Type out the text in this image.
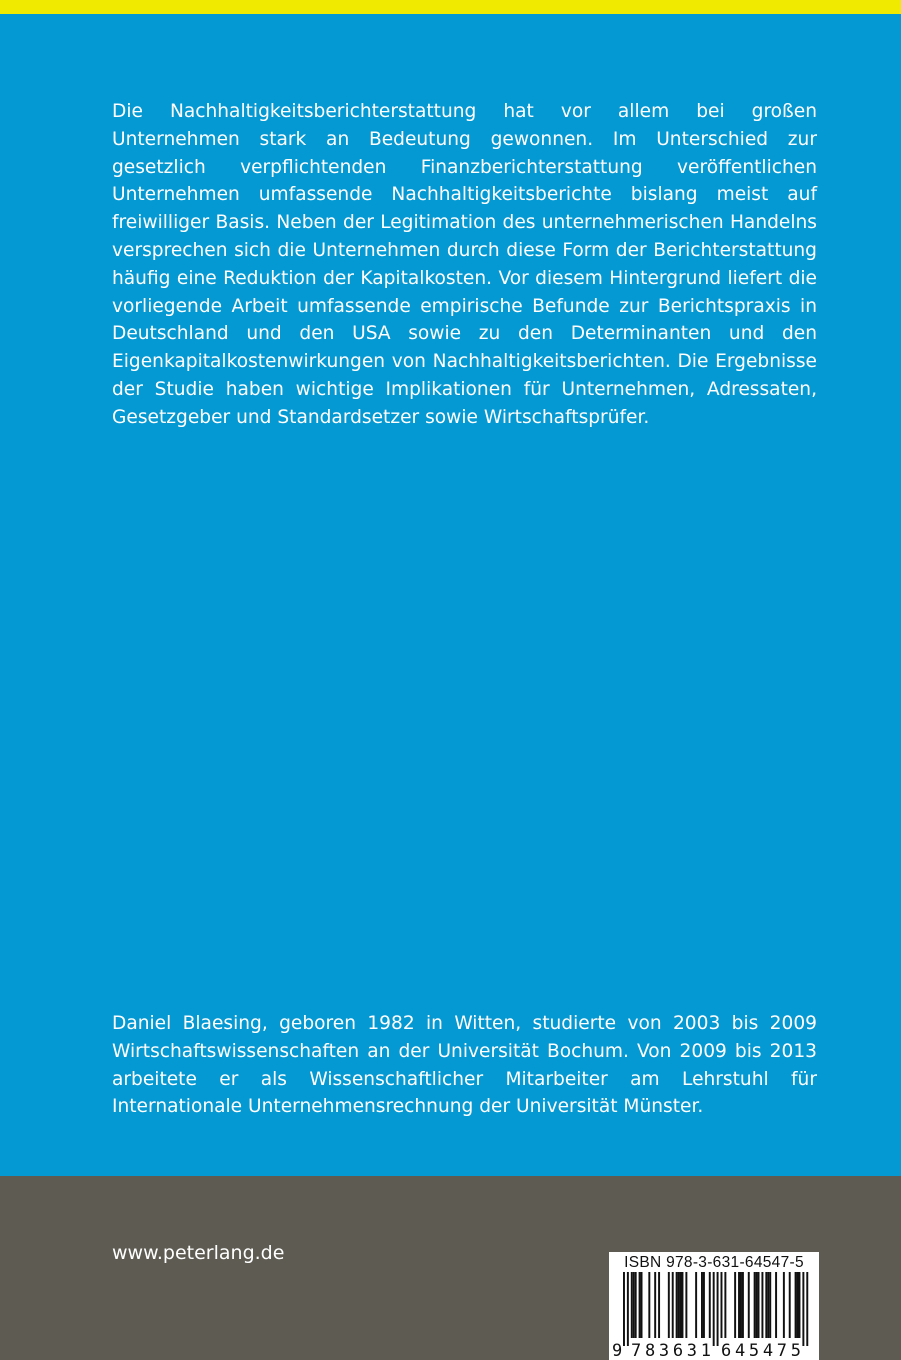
Die Nachhaltigkeitsberichterstattung hat vor allem bei großen Unternehmen stark an Bedeutung gewonnen. Im Unterschied zur gesetzlich verpflichtenden Finanzberichterstattung veröffentlichen Unternehmen umfassende Nachhaltigkeitsberichte bislang meist auf freiwilliger Basis. Neben der Legitimation des unternehmerischen Handelns versprechen sich die Unternehmen durch diese Form der Berichterstattung häufig eine Reduktion der Kapitalkosten. Vor diesem Hintergrund liefert die vorliegende Arbeit umfassende empirische Befunde zur Berichtspraxis in Deutschland und den USA sowie zu den Determinanten und den Eigenkapitalkostenwirkungen von Nachhaltigkeitsberichten. Die Ergebnisse der Studie haben wichtige Implikationen für Unternehmen, Adressaten, Gesetzgeber und Standardsetzer sowie Wirtschaftsprüfer.

Daniel Blaesing, geboren 1982 in Witten, studierte von 2003 bis 2009 Wirtschaftswissenschaften an der Universität Bochum. Von 2009 bis 2013 arbeitete er als Wissenschaftlicher Mitarbeiter am Lehrstuhl für Internationale Unternehmensrechnung der Universität Münster.

www.peterlang.de	ISBN 978-3-631-64547-5
9 783631 645475
